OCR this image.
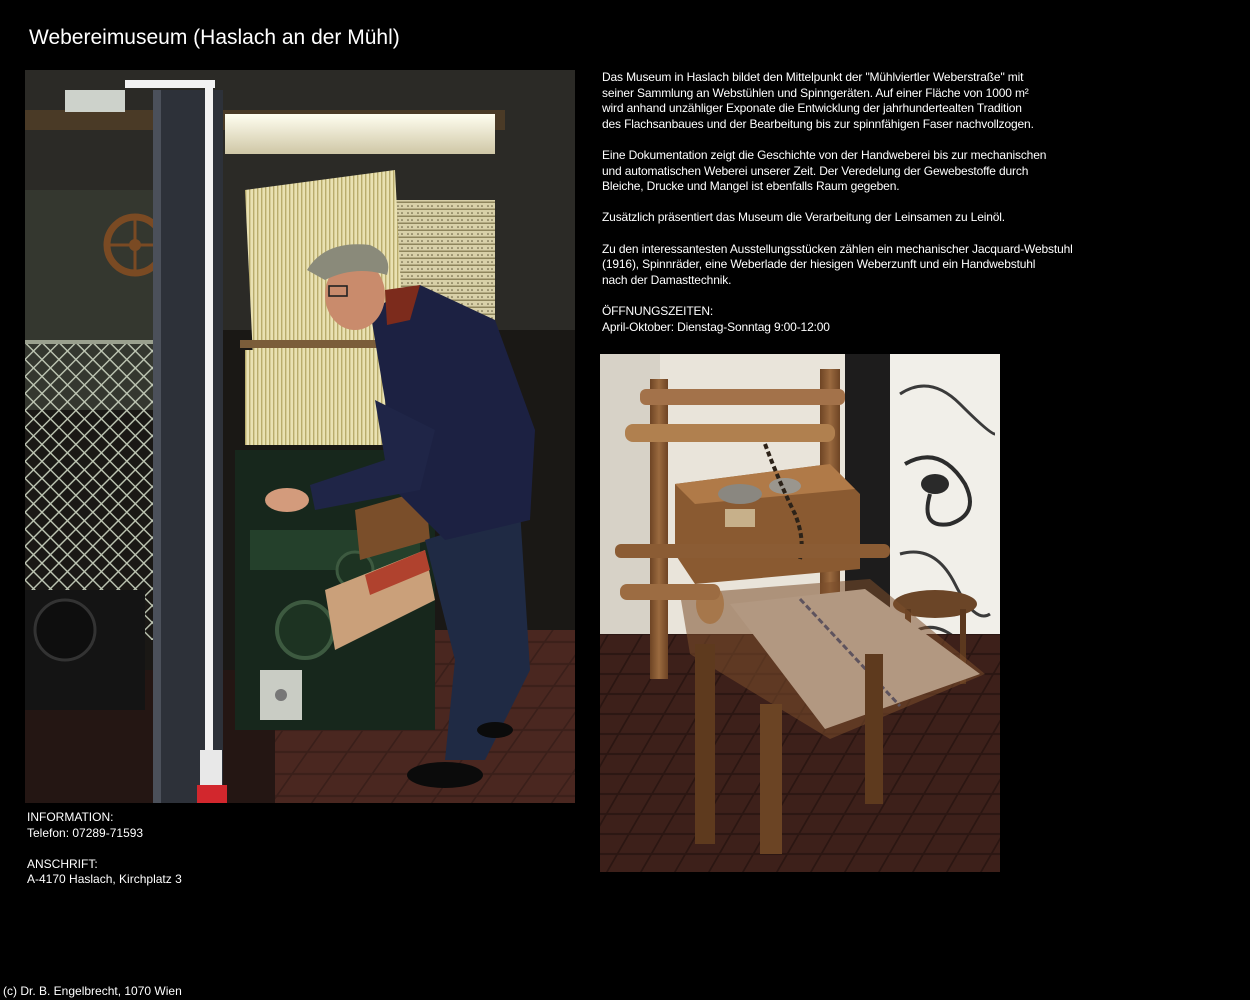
Webereimuseum (Haslach an der Mühl)
INFORMATION:
Telefon: 07289-71593
ANSCHRIFT:
A-4170 Haslach, Kirchplatz 3

Das Museum in Haslach bildet den Mittelpunkt der "Mühlviertler Weberstraße" mit
seiner Sammlung an Webstühlen und Spinngeräten. Auf einer Fläche von 1000 m²
wird anhand unzähliger Exponate die Entwicklung der jahrhundertealten Tradition
des Flachsanbaues und der Bearbeitung bis zur spinnfähigen Faser nachvollzogen.

Eine Dokumentation zeigt die Geschichte von der Handweberei bis zur mechanischen
und automatischen Weberei unserer Zeit. Der Veredelung der Gewebestoffe durch
Bleiche, Drucke und Mangel ist ebenfalls Raum gegeben.

Zusätzlich präsentiert das Museum die Verarbeitung der Leinsamen zu Leinöl.

Zu den interessantesten Ausstellungsstücken zählen ein mechanischer Jacquard-Webstuhl
(1916), Spinnräder, eine Weberlade der hiesigen Weberzunft und ein Handwebstuhl
nach der Damasttechnik.

ÖFFNUNGSZEITEN:
April-Oktober: Dienstag-Sonntag 9:00-12:00
(c) Dr. B. Engelbrecht, 1070 Wien
